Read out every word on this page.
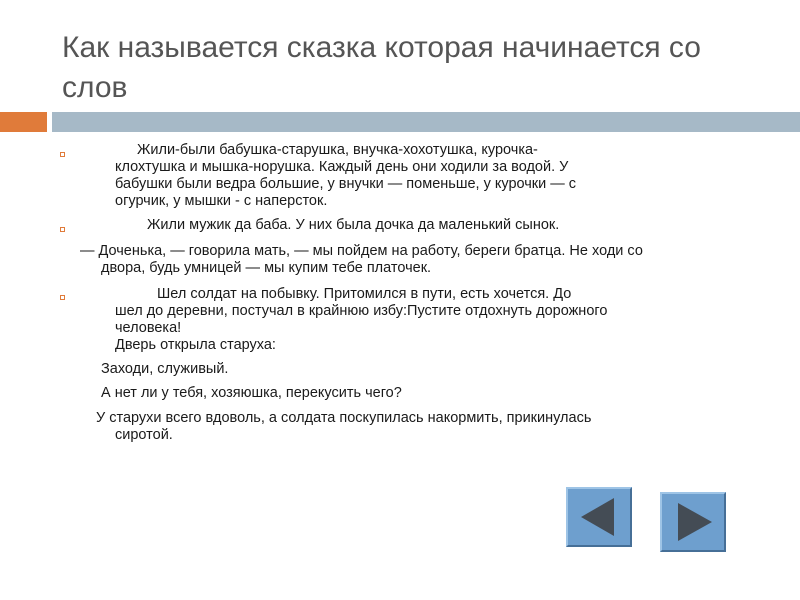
Как называется сказка которая начинается со слов
Жили-были бабушка-старушка, внучка-хохотушка, курочка-
клохтушка и мышка-норушка. Каждый день они ходили за водой. У
бабушки были ведра большие, у внучки — поменьше, у курочки — с
огурчик, у мышки - с наперсток.
Жили мужик да баба. У них была дочка да маленький сынок.
— Доченька, — говорила мать, — мы пойдем на работу, береги братца. Не ходи со
двора, будь умницей — мы купим тебе платочек.
Шел солдат на побывку. Притомился в пути, есть хочется. До
шел до деревни, постучал в крайнюю избу:Пустите отдохнуть дорожного
человека!
Дверь открыла старуха:
Заходи, служивый.
А нет ли у тебя, хозяюшка, перекусить чего?
У старухи всего вдоволь, а солдата поскупилась накормить, прикинулась
сиротой.
